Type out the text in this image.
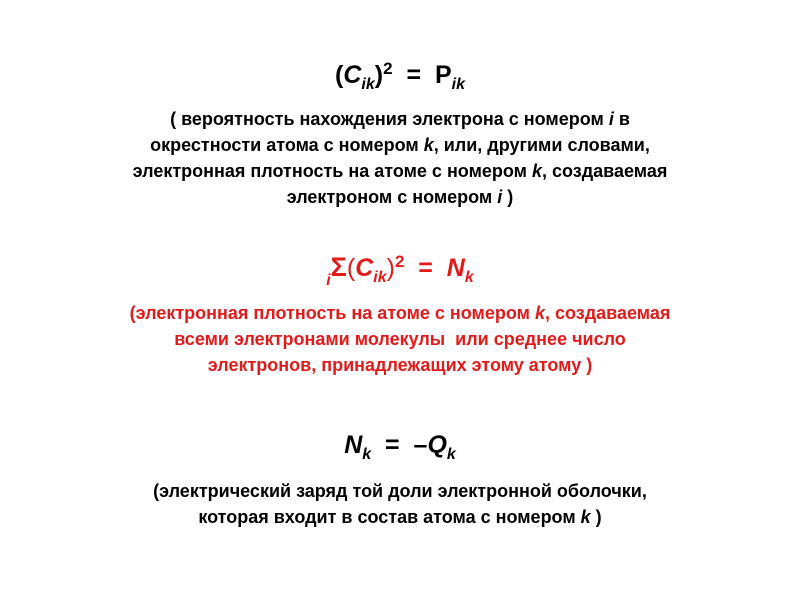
$(C_{ik})^2 = P_{ik}$
( вероятность нахождения электрона с номером i в
окрестности атома с номером k, или, другими словами,
электронная плотность на атоме с номером k, создаваемая
электроном с номером i )
$_i\Sigma(C_{ik})^2 = N_k$
(электронная плотность на атоме с номером k, создаваемая
всеми электронами молекулы  или среднее число
электронов, принадлежащих этому атому )
$N_k = -Q_k$
(электрический заряд той доли электронной оболочки,
которая входит в состав атома с номером k )
